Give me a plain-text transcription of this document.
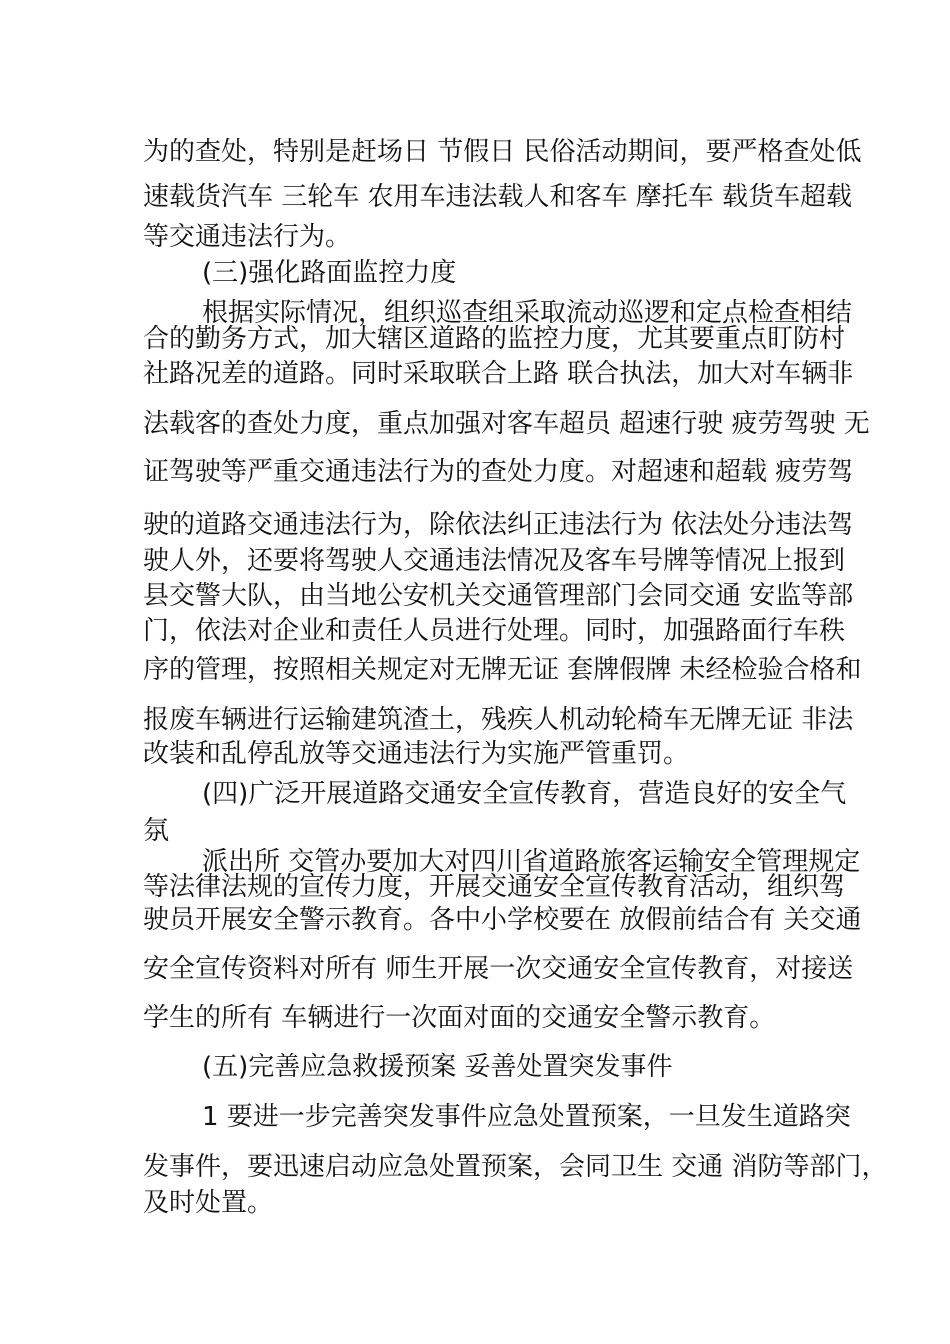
为的查处，特别是赶场日 节假日 民俗活动期间，要严格查处低
速载货汽车 三轮车 农用车违法载人和客车 摩托车 载货车超载
等交通违法行为。
(三)强化路面监控力度
根据实际情况，组织巡查组采取流动巡逻和定点检查相结
合的勤务方式，加大辖区道路的监控力度，尤其要重点盯防村
社路况差的道路。同时采取联合上路 联合执法，加大对车辆非
法载客的查处力度，重点加强对客车超员 超速行驶 疲劳驾驶 无
证驾驶等严重交通违法行为的查处力度。对超速和超载 疲劳驾
驶的道路交通违法行为，除依法纠正违法行为 依法处分违法驾
驶人外，还要将驾驶人交通违法情况及客车号牌等情况上报到
县交警大队，由当地公安机关交通管理部门会同交通 安监等部
门，依法对企业和责任人员进行处理。同时，加强路面行车秩
序的管理，按照相关规定对无牌无证 套牌假牌 未经检验合格和
报废车辆进行运输建筑渣土，残疾人机动轮椅车无牌无证 非法
改装和乱停乱放等交通违法行为实施严管重罚。
(四)广泛开展道路交通安全宣传教育，营造良好的安全气
氛
派出所 交管办要加大对四川省道路旅客运输安全管理规定
等法律法规的宣传力度，开展交通安全宣传教育活动，组织驾
驶员开展安全警示教育。各中小学校要在 放假前结合有 关交通
安全宣传资料对所有 师生开展一次交通安全宣传教育，对接送
学生的所有 车辆进行一次面对面的交通安全警示教育。
(五)完善应急救援预案 妥善处置突发事件
1 要进一步完善突发事件应急处置预案，一旦发生道路突
发事件，要迅速启动应急处置预案，会同卫生 交通 消防等部门，
及时处置。
